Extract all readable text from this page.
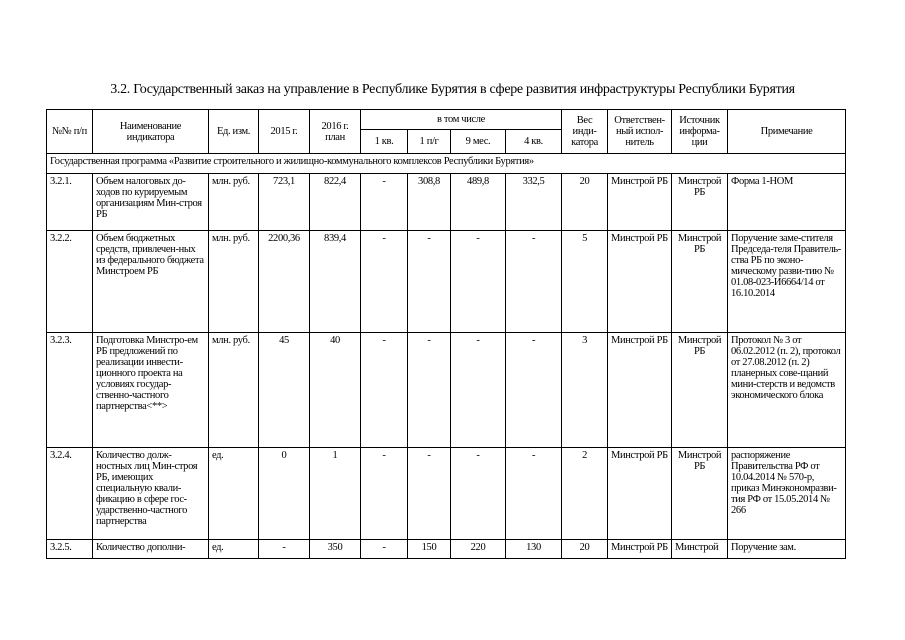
3.2. Государственный заказ на управление в Республике Бурятия в сфере развития инфраструктуры Республики Бурятия
№№ п/п	Наименование индикатора	Ед. изм.	2015 г.	2016 г. план	в том числе				Вес инди-катора	Ответствен-ный испол-нитель	Источник информа-ции	Примечание
					1 кв.	1 п/г	9 мес.	4 кв.				
Государственная программа «Развитие строительного и жилищно-коммунального комплексов Республики Бурятия»												
3.2.1.	Объем налоговых до-ходов по курируемым организациям Мин-строя РБ	млн. руб.	723,1	822,4	-	308,8	489,8	332,5	20	Минстрой РБ	Минстрой РБ	Форма 1-НОМ
3.2.2.	Объем бюджетных средств, привлечен-ных из федерального бюджета Минстроем РБ	млн. руб.	2200,36	839,4	-	-	-	-	5	Минстрой РБ	Минстрой РБ	Поручение заме-стителя Председа-теля Правитель-ства РБ по эконо-мическому разви-тию № 01.08-023-И6664/14 от 16.10.2014
3.2.3.	Подготовка Минстро-ем РБ предложений по реализации инвести-ционного проекта на условиях государ-ственно-частного партнерства<**>	млн. руб.	45	40	-	-	-	-	3	Минстрой РБ	Минстрой РБ	Протокол № 3 от 06.02.2012 (п. 2), протокол от 27.08.2012 (п. 2) планерных сове-щаний мини-стерств и ведомств экономического блока
3.2.4.	Количество долж-ностных лиц Мин-строя РБ, имеющих специальную квали-фикацию в сфере гос-ударственно-частного партнерства	ед.	0	1	-	-	-	-	2	Минстрой РБ	Минстрой РБ	распоряжение Правительства РФ от 10.04.2014 № 570-р, приказ Минэкономразви-тия РФ от 15.05.2014 № 266
3.2.5.	Количество дополни-	ед.	-	350	-	150	220	130	20	Минстрой РБ	Минстрой	Поручение зам.
